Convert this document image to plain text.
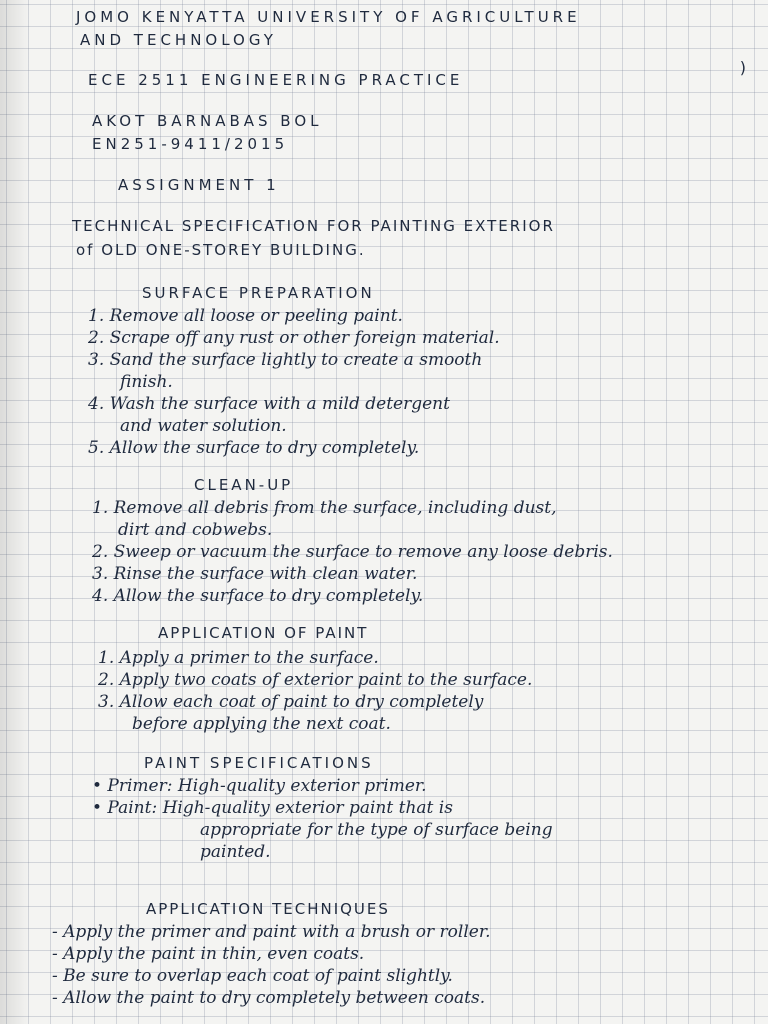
)
JOMO KENYATTA UNIVERSITY OF AGRICULTURE
AND TECHNOLOGY
ECE 2511 ENGINEERING PRACTICE
AKOT BARNABAS BOL
EN251-9411/2015
ASSIGNMENT 1
TECHNICAL SPECIFICATION FOR PAINTING EXTERIOR
of OLD ONE-STOREY BUILDING.
SURFACE PREPARATION
1. Remove all loose or peeling paint.
2. Scrape off any rust or other foreign material.
3. Sand the surface lightly to create a smooth
finish.
4. Wash the surface with a mild detergent
and water solution.
5. Allow the surface to dry completely.
CLEAN-UP
1. Remove all debris from the surface, including dust,
dirt and cobwebs.
2. Sweep or vacuum the surface to remove any loose debris.
3. Rinse the surface with clean water.
4. Allow the surface to dry completely.
APPLICATION OF PAINT
1. Apply a primer to the surface.
2. Apply two coats of exterior paint to the surface.
3. Allow each coat of paint to dry completely
before applying the next coat.
PAINT SPECIFICATIONS
• Primer: High-quality exterior primer.
• Paint: High-quality exterior paint that is
appropriate for the type of surface being
painted.
APPLICATION TECHNIQUES
- Apply the primer and paint with a brush or roller.
- Apply the paint in thin, even coats.
- Be sure to overlap each coat of paint slightly.
- Allow the paint to dry completely between coats.
